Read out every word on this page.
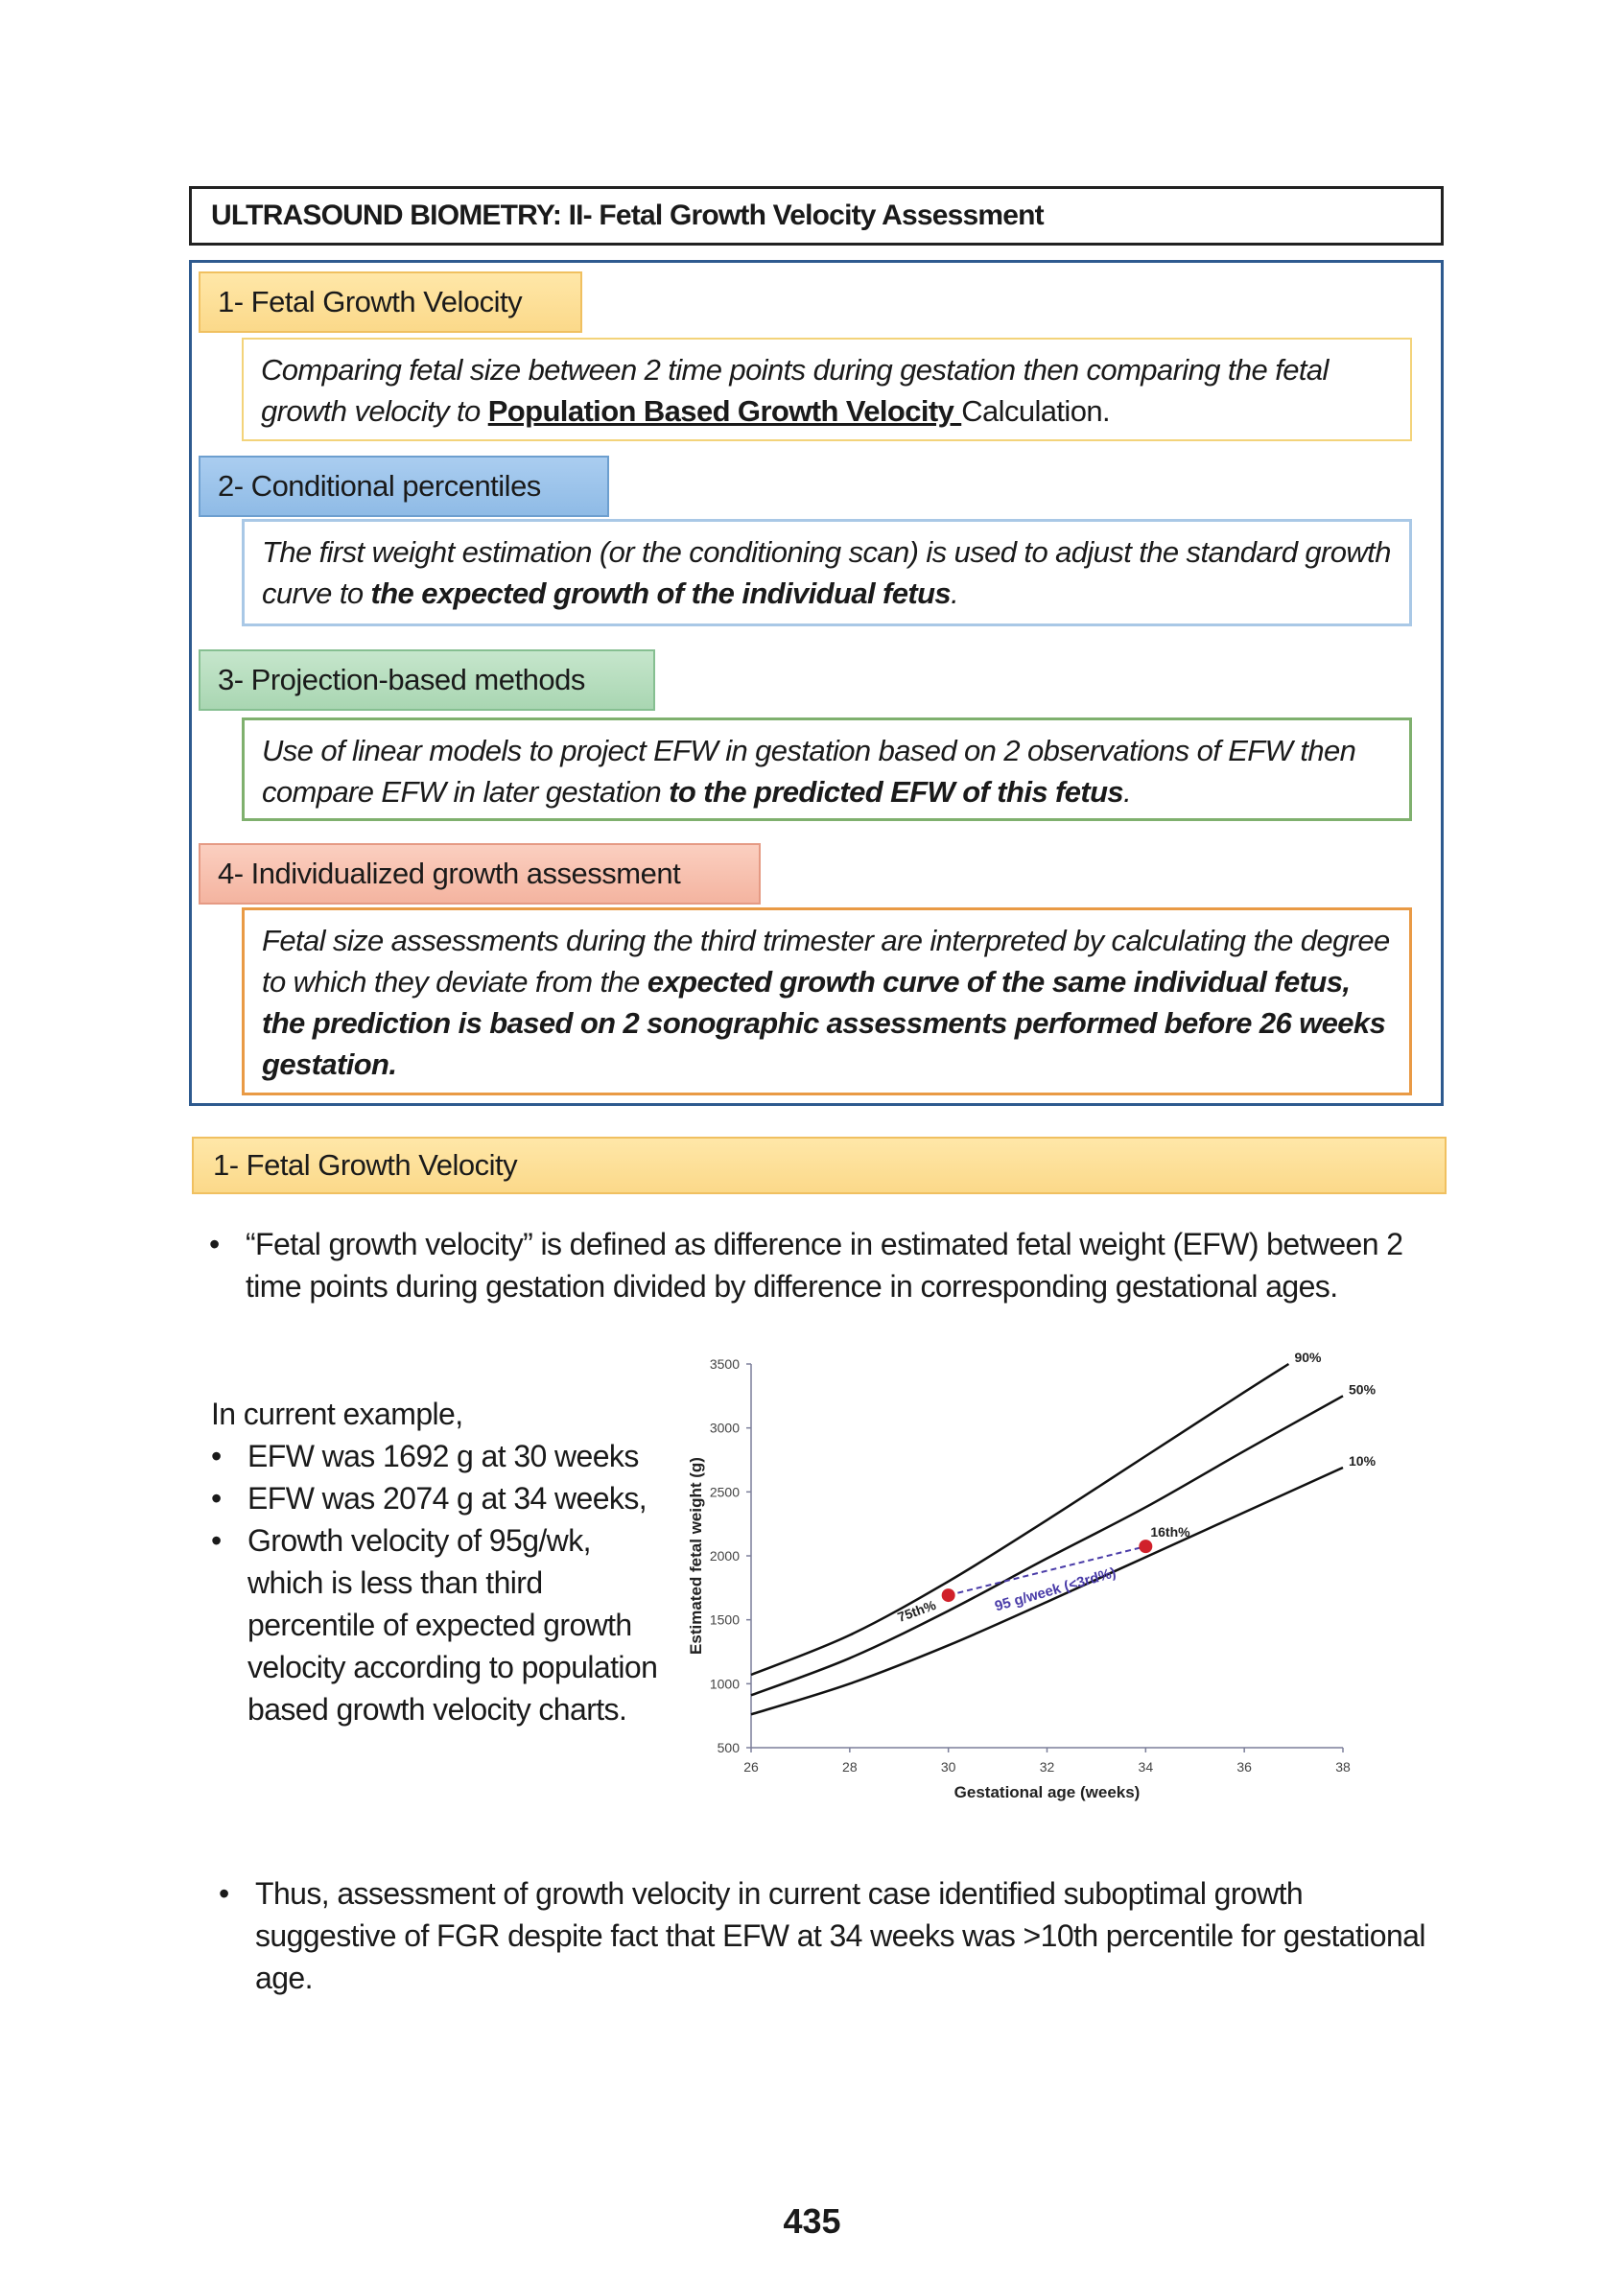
ULTRASOUND BIOMETRY: II- Fetal Growth Velocity Assessment
1- Fetal Growth Velocity
Comparing fetal size between 2 time points during gestation then comparing the fetal growth velocity to Population Based Growth Velocity Calculation.
2- Conditional percentiles
The first weight estimation (or the conditioning scan) is used to adjust the standard growth curve to the expected growth of the individual fetus.
3- Projection-based methods
Use of linear models to project EFW in gestation based on 2 observations of EFW then compare EFW in later gestation to the predicted EFW of this fetus.
4- Individualized growth assessment
Fetal size assessments during the third trimester are interpreted by calculating the degree to which they deviate from the expected growth curve of the same individual fetus, the prediction is based on 2 sonographic assessments performed before 26 weeks gestation.
1- Fetal Growth Velocity
• “Fetal growth velocity” is defined as difference in estimated fetal weight (EFW) between 2 time points during gestation divided by difference in corresponding gestational ages.
In current example,
• EFW was 1692 g at 30 weeks
• EFW was 2074 g at 34 weeks,
• Growth velocity of 95g/wk, which is less than third percentile of expected growth velocity according to population based growth velocity charts.
500
1000
1500
2000
2500
3000
3500
26	28	30	32	34	36	38
90%
50%
10%
75th%
16th%
95 g/week (<3rd%)
Gestational age (weeks)
Estimated fetal weight (g)
• Thus, assessment of growth velocity in current case identified suboptimal growth suggestive of FGR despite fact that EFW at 34 weeks was >10th percentile for gestational age.
435
